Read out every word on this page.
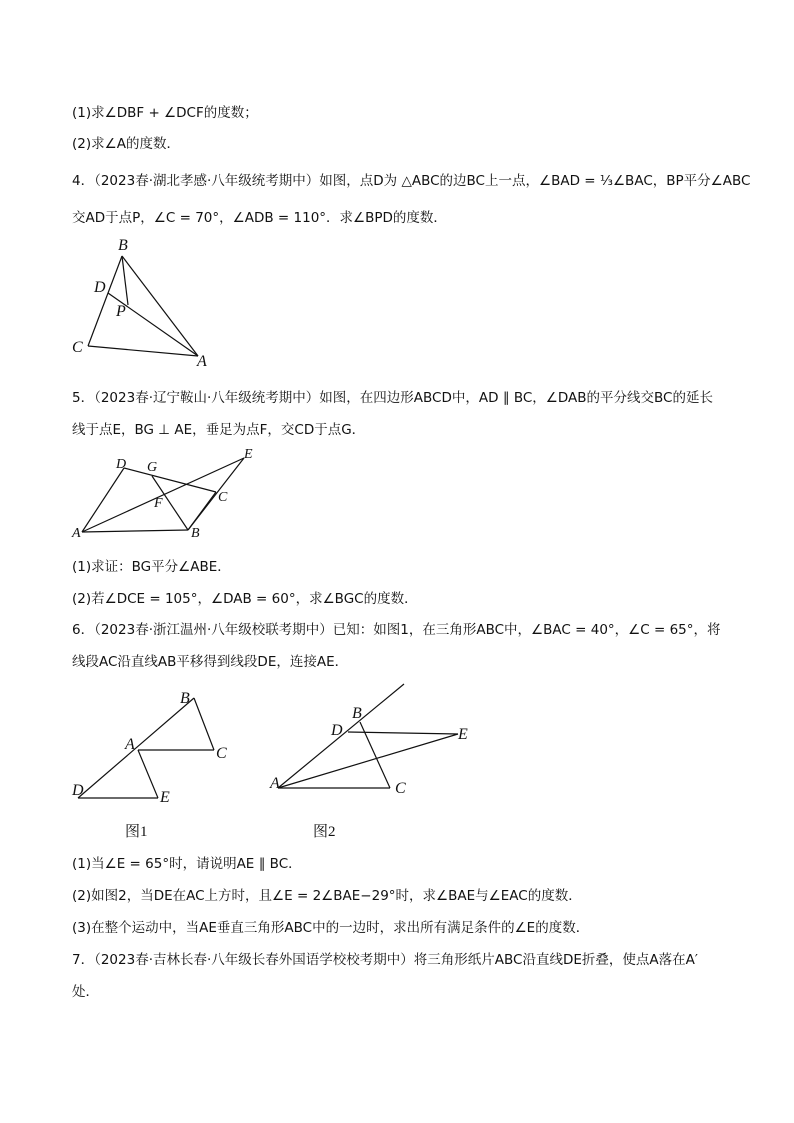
(1)求∠DBF + ∠DCF的度数；
(2)求∠A的度数．
4．（2023春·湖北孝感·八年级统考期中）如图，点D为 △ABC的边BC上一点，∠BAD = ⅓∠BAC，BP平分∠ABC
交AD于点P，∠C = 70°，∠ADB = 110°．求∠BPD的度数．
B
D
P
C
A
5．（2023春·辽宁鞍山·八年级统考期中）如图，在四边形ABCD中，AD ∥ BC，∠DAB的平分线交BC的延长
线于点E，BG ⊥ AE，垂足为点F，交CD于点G．
D G
E
C
F
A	B
(1)求证：BG平分∠ABE．
(2)若∠DCE = 105°，∠DAB = 60°，求∠BGC的度数．
6．（2023春·浙江温州·八年级校联考期中）已知：如图1，在三角形ABC中，∠BAC = 40°，∠C = 65°，将
线段AC沿直线AB平移得到线段DE，连接AE．
B
A
C
D	E
图1
B
D	E
A	C
图2
(1)当∠E = 65°时，请说明AE ∥ BC．
(2)如图2，当DE在AC上方时，且∠E = 2∠BAE−29°时，求∠BAE与∠EAC的度数．
(3)在整个运动中，当AE垂直三角形ABC中的一边时，求出所有满足条件的∠E的度数．
7．（2023春·吉林长春·八年级长春外国语学校校考期中）将三角形纸片ABC沿直线DE折叠，使点A落在A′
处．
